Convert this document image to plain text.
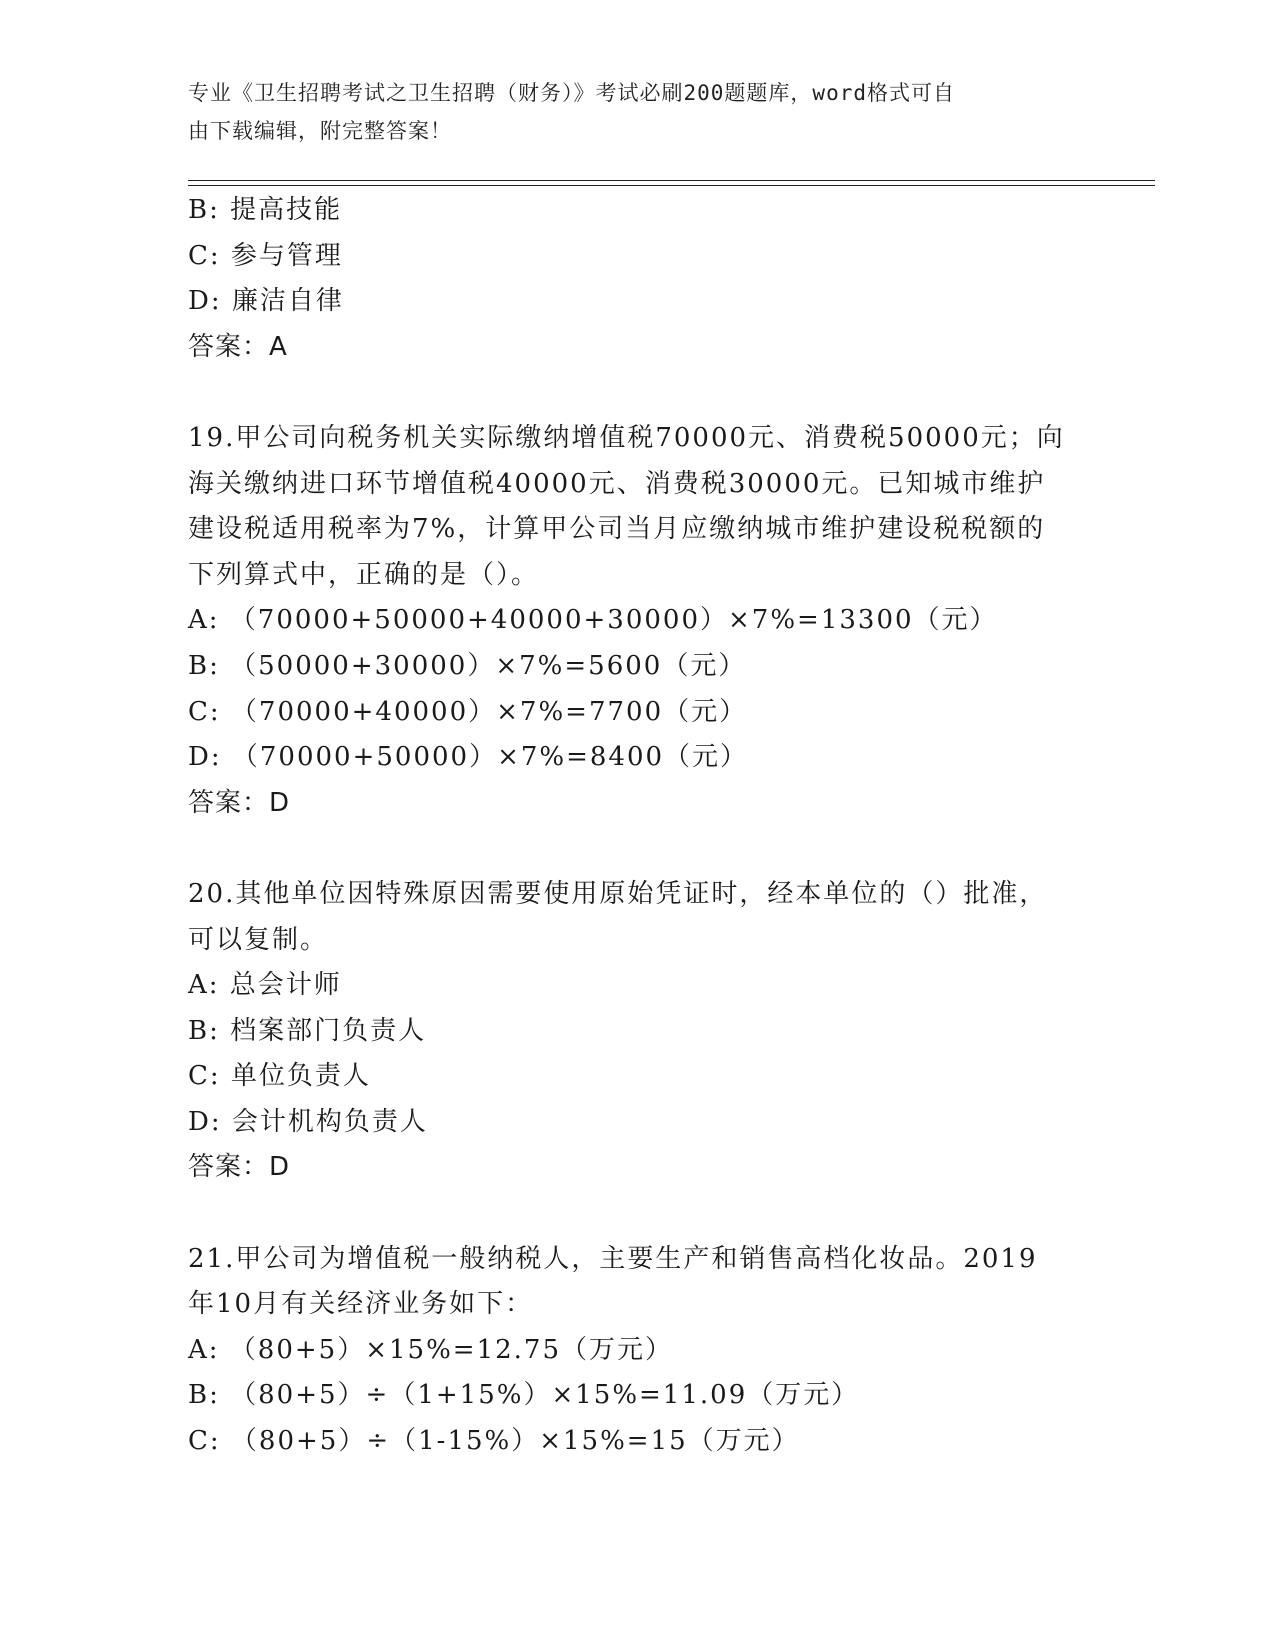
专业《卫生招聘考试之卫生招聘（财务）》考试必刷200题题库，word格式可自
由下载编辑，附完整答案！
B: 提高技能
C: 参与管理
D: 廉洁自律
答案：A
19.甲公司向税务机关实际缴纳增值税70000元、消费税50000元；向
海关缴纳进口环节增值税40000元、消费税30000元。已知城市维护
建设税适用税率为7%，计算甲公司当月应缴纳城市维护建设税税额的
下列算式中，正确的是（）。
A: （70000+50000+40000+30000）×7%=13300（元）
B: （50000+30000）×7%=5600（元）
C: （70000+40000）×7%=7700（元）
D: （70000+50000）×7%=8400（元）
答案：D
20.其他单位因特殊原因需要使用原始凭证时，经本单位的（）批准，
可以复制。
A: 总会计师
B: 档案部门负责人
C: 单位负责人
D: 会计机构负责人
答案：D
21.甲公司为增值税一般纳税人，主要生产和销售高档化妆品。2019
年10月有关经济业务如下：
A: （80+5）×15%=12.75（万元）
B: （80+5）÷（1+15%）×15%=11.09（万元）
C: （80+5）÷（1-15%）×15%=15（万元）
